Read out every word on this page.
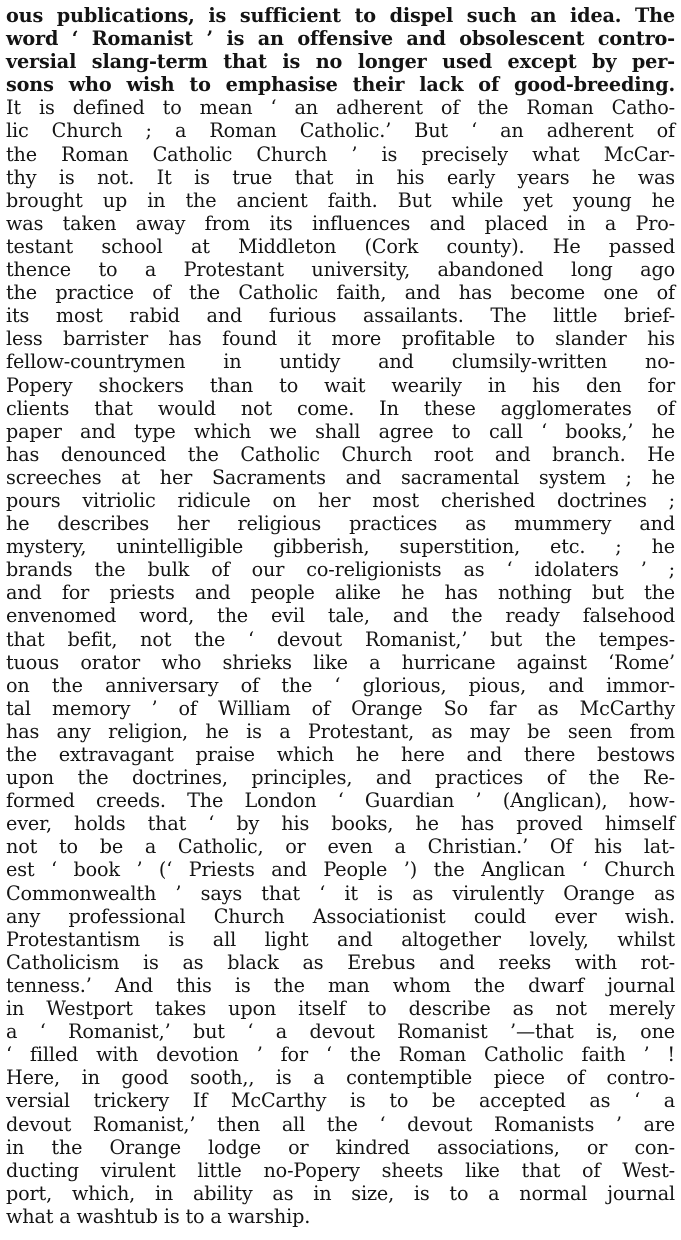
ous publications, is sufficient to dispel such an idea. The
word ‘ Romanist ’ is an offensive and obsolescent contro-
versial slang-term that is no longer used except by per-
sons who wish to emphasise their lack of good-breeding.
It is defined to mean ‘ an adherent of the Roman Catho-
lic Church ; a Roman Catholic.’ But ‘ an adherent of
the Roman Catholic Church ’ is precisely what McCar-
thy is not. It is true that in his early years he was
brought up in the ancient faith. But while yet young he
was taken away from its influences and placed in a Pro-
testant school at Middleton (Cork county). He passed
thence to a Protestant university, abandoned long ago
the practice of the Catholic faith, and has become one of
its most rabid and furious assailants. The little brief-
less barrister has found it more profitable to slander his
fellow-countrymen in untidy and clumsily-written no-
Popery shockers than to wait wearily in his den for
clients that would not come. In these agglomerates of
paper and type which we shall agree to call ‘ books,’ he
has denounced the Catholic Church root and branch. He
screeches at her Sacraments and sacramental system ; he
pours vitriolic ridicule on her most cherished doctrines ;
he describes her religious practices as mummery and
mystery, unintelligible gibberish, superstition, etc. ; he
brands the bulk of our co-religionists as ‘ idolaters ’ ;
and for priests and people alike he has nothing but the
envenomed word, the evil tale, and the ready falsehood
that befit, not the ‘ devout Romanist,’ but the tempes-
tuous orator who shrieks like a hurricane against ‘Rome’
on the anniversary of the ‘ glorious, pious, and immor-
tal memory ’ of William of Orange So far as McCarthy
has any religion, he is a Protestant, as may be seen from
the extravagant praise which he here and there bestows
upon the doctrines, principles, and practices of the Re-
formed creeds. The London ‘ Guardian ’ (Anglican), how-
ever, holds that ‘ by his books, he has proved himself
not to be a Catholic, or even a Christian.’ Of his lat-
est ‘ book ’ (‘ Priests and People ’) the Anglican ‘ Church
Commonwealth ’ says that ‘ it is as virulently Orange as
any professional Church Associationist could ever wish.
Protestantism is all light and altogether lovely, whilst
Catholicism is as black as Erebus and reeks with rot-
tenness.’ And this is the man whom the dwarf journal
in Westport takes upon itself to describe as not merely
a ‘ Romanist,’ but ‘ a devout Romanist ’—that is, one
‘ filled with devotion ’ for ‘ the Roman Catholic faith ’ !
Here, in good sooth,, is a contemptible piece of contro-
versial trickery If McCarthy is to be accepted as ‘ a
devout Romanist,’ then all the ‘ devout Romanists ’ are
in the Orange lodge or kindred associations, or con-
ducting virulent little no-Popery sheets like that of West-
port, which, in ability as in size, is to a normal journal
what a washtub is to a warship.
